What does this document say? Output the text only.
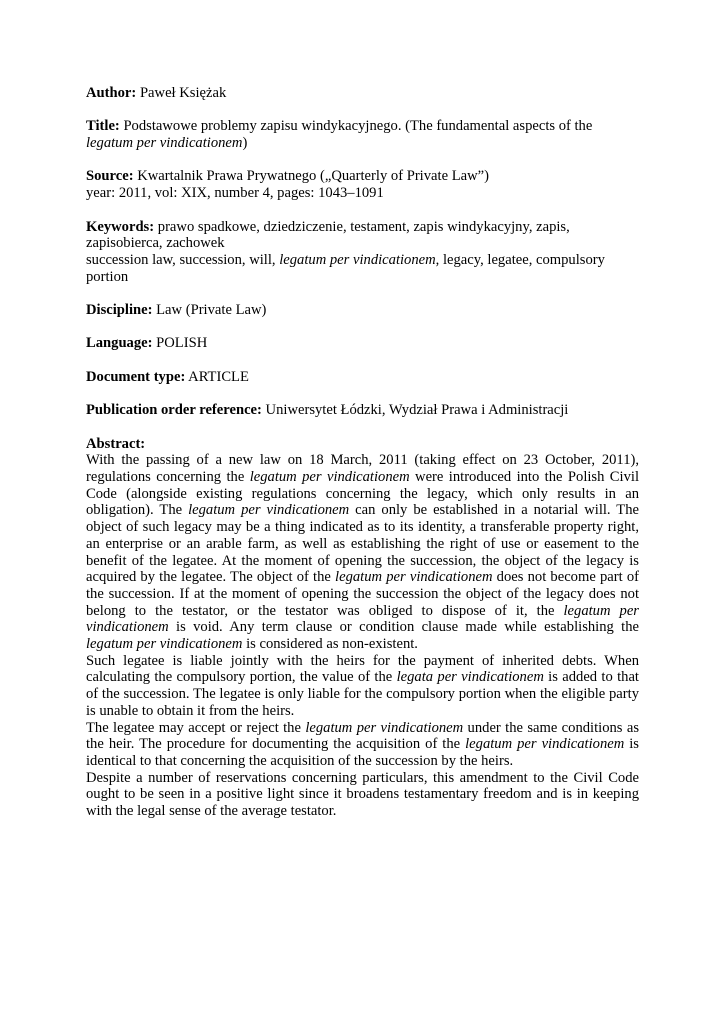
Author: Paweł Księżak
Title: Podstawowe problemy zapisu windykacyjnego. (The fundamental aspects of the
legatum per vindicationem)
Source: Kwartalnik Prawa Prywatnego („Quarterly of Private Law”)
year: 2011, vol: XIX, number 4, pages: 1043–1091
Keywords: prawo spadkowe, dziedziczenie, testament, zapis windykacyjny, zapis, zapisobierca, zachowek
succession law, succession, will, legatum per vindicationem, legacy, legatee, compulsory portion
Discipline: Law (Private Law)
Language: POLISH
Document type: ARTICLE
Publication order reference: Uniwersytet Łódzki, Wydział Prawa i Administracji
Abstract:

With the passing of a new law on 18 March, 2011 (taking effect on 23 October, 2011), regulations concerning the legatum per vindicationem were introduced into the Polish Civil Code (alongside existing regulations concerning the legacy, which only results in an obligation). The legatum per vindicationem can only be established in a notarial will. The object of such legacy may be a thing indicated as to its identity, a transferable property right, an enterprise or an arable farm, as well as establishing the right of use or easement to the benefit of the legatee. At the moment of opening the succession, the object of the legacy is acquired by the legatee. The object of the legatum per vindicationem does not become part of the succession. If at the moment of opening the succession the object of the legacy does not belong to the testator, or the testator was obliged to dispose of it, the legatum per vindicationem is void. Any term clause or condition clause made while establishing the legatum per vindicationem is considered as non-existent.

Such legatee is liable jointly with the heirs for the payment of inherited debts. When calculating the compulsory portion, the value of the legata per vindicationem is added to that of the succession. The legatee is only liable for the compulsory portion when the eligible party is unable to obtain it from the heirs.

The legatee may accept or reject the legatum per vindicationem under the same conditions as the heir. The procedure for documenting the acquisition of the legatum per vindicationem is identical to that concerning the acquisition of the succession by the heirs.

Despite a number of reservations concerning particulars, this amendment to the Civil Code ought to be seen in a positive light since it broadens testamentary freedom and is in keeping with the legal sense of the average testator.
